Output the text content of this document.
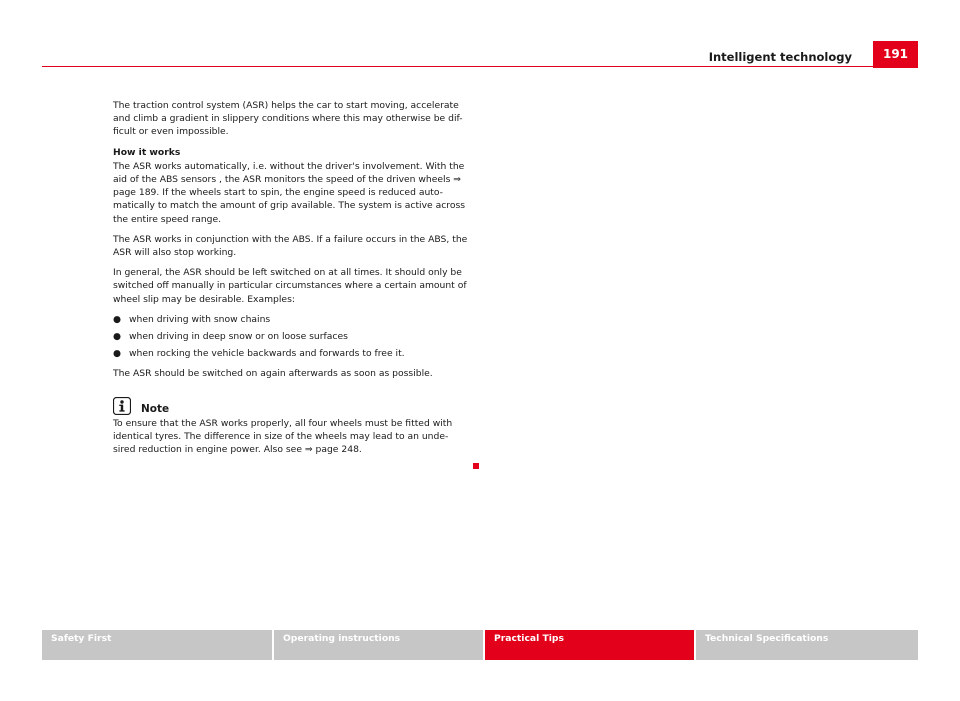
Intelligent technology	191

The traction control system (ASR) helps the car to start moving, accelerate and climb a gradient in slippery conditions where this may otherwise be dif-ficult or even impossible.

How it works

The ASR works automatically, i.e. without the driver's involvement. With the aid of the ABS sensors , the ASR monitors the speed of the driven wheels ⇒ page 189. If the wheels start to spin, the engine speed is reduced auto-matically to match the amount of grip available. The system is active across the entire speed range.

The ASR works in conjunction with the ABS. If a failure occurs in the ABS, the ASR will also stop working.

In general, the ASR should be left switched on at all times. It should only be switched off manually in particular circumstances where a certain amount of wheel slip may be desirable. Examples:

● when driving with snow chains
● when driving in deep snow or on loose surfaces
● when rocking the vehicle backwards and forwards to free it.

The ASR should be switched on again afterwards as soon as possible.

Note

To ensure that the ASR works properly, all four wheels must be fitted with identical tyres. The difference in size of the wheels may lead to an unde-sired reduction in engine power. Also see ⇒ page 248.

Safety First	Operating instructions	Practical Tips	Technical Specifications
